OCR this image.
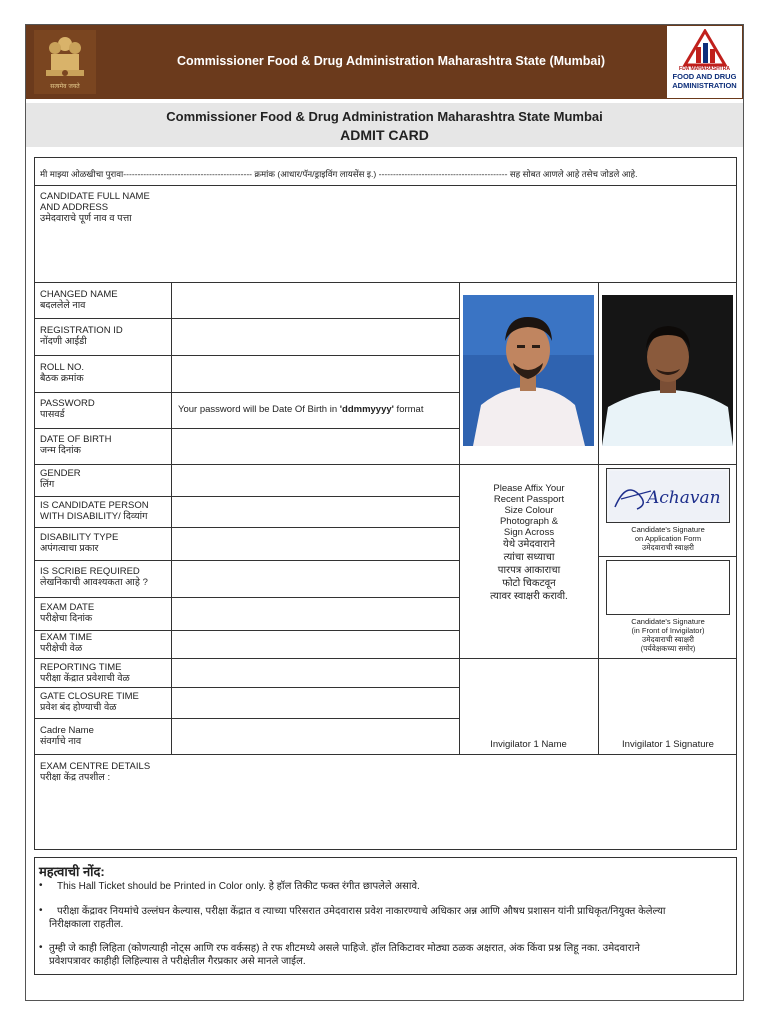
सत्यमेव जयते
Commissioner Food & Drug Administration Maharashtra State (Mumbai)
FDA MAHARASHTRA
FOOD AND DRUG
ADMINISTRATION
Commissioner Food & Drug Administration Maharashtra State Mumbai
ADMIT CARD
मी माझ्या ओळखीचा पुरावा--------------------------------------------- क्रमांक (आधार/पॅन/ड्राइविंग लायसेंस इ.) --------------------------------------------- सह सोबत आणले आहे तसेच जोडले आहे.
CANDIDATE FULL NAME
AND ADDRESS
उमेदवाराचे पूर्ण नाव व पत्ता
CHANGED NAME
बदललेले नाव
REGISTRATION ID
नोंदणी आईडी
ROLL NO.
बैठक क्रमांक
PASSWORD
पासवर्ड	Your password will be Date Of Birth in 'ddmmyyyy' format
DATE OF BIRTH
जन्म दिनांक
GENDER
लिंग
IS CANDIDATE PERSON
WITH DISABILITY/ दिव्यांग
DISABILITY TYPE
अपंगत्वाचा प्रकार
IS SCRIBE REQUIRED
लेखनिकाची आवश्यकता आहे ?
EXAM DATE
परीक्षेचा दिनांक
EXAM TIME
परीक्षेची वेळ
REPORTING TIME
परीक्षा केंद्रात प्रवेशाची वेळ
GATE CLOSURE TIME
प्रवेश बंद होण्याची वेळ
Cadre Name
संवर्गाचे नाव
Please Affix Your
Recent Passport
Size Colour
Photograph &
Sign Across
येथे उमेदवाराने
त्यांचा सध्याचा
पारपत्र आकाराचा
फोटो चिकटवून
त्यावर स्वाक्षरी करावी.
Achavan
Candidate's Signature
on Application Form
उमेदवाराची स्वाक्षरी
Candidate's Signature
(in Front of Invigilator)
उमेदवाराची स्वाक्षरी
(पर्यवेक्षकच्या समोर)
Invigilator 1 Name	Invigilator 1 Signature
EXAM CENTRE DETAILS
परीक्षा केंद्र तपशील :
महत्वाची नोंद:
• This Hall Ticket should be Printed in Color only. हे हॉल तिकीट फक्त रंगीत छापलेले असावे.
• परीक्षा केंद्रावर नियमांचे उल्लंघन केल्यास, परीक्षा केंद्रात व त्याच्या परिसरात उमेदवारास प्रवेश नाकारण्याचे अधिकार अन्न आणि औषध प्रशासन यांनी प्राधिकृत/नियुक्त केलेल्या
निरीक्षकाला राहतील.
• तुम्ही जे काही लिहिता (कोणत्याही नोट्स आणि रफ वर्कसह) ते रफ शीटमध्ये असले पाहिजे. हॉल तिकिटावर मोठ्या ठळक अक्षरात, अंक किंवा प्रश्न लिहू नका. उमेदवाराने
प्रवेशपत्रावर काहीही लिहिल्यास ते परीक्षेतील गैरप्रकार असे मानले जाईल.
